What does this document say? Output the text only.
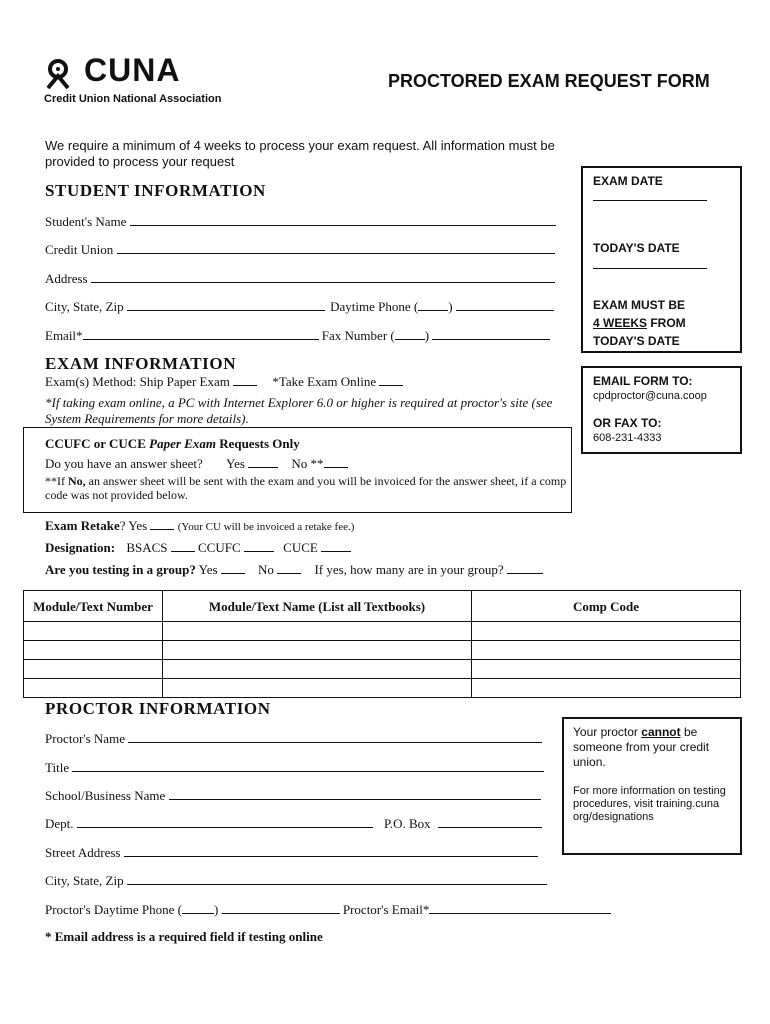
CUNA
Credit Union National Association
PROCTORED EXAM REQUEST FORM
We require a minimum of 4 weeks to process your exam request. All information must be provided to process your request
EXAM DATE
TODAY'S DATE
EXAM MUST BE
4 WEEKS FROM
TODAY'S DATE
EMAIL FORM TO:
cpdproctor@cuna.coop
OR FAX TO:
608-231-4333
STUDENT INFORMATION
Student's Name
Credit Union
Address
City, State, Zip	Daytime Phone ( )
Email*	Fax Number ( )
EXAM INFORMATION
Exam(s) Method: Ship Paper Exam	*Take Exam Online
*If taking exam online, a PC with Internet Explorer 6.0 or higher is required at proctor's site (see System Requirements for more details).
CCUFC or CUCE Paper Exam Requests Only
Do you have an answer sheet? Yes	No **
**If No, an answer sheet will be sent with the exam and you will be invoiced for the answer sheet, if a comp code was not provided below.
Exam Retake? Yes	(Your CU will be invoiced a retake fee.)
Designation: BSACS CCUFC	CUCE
Are you testing in a group? Yes	No	If yes, how many are in your group?
Module/Text Number	Module/Text Name (List all Textbooks)	Comp Code

PROCTOR INFORMATION
Proctor's Name
Title
School/Business Name
Dept.	P.O. Box
Street Address
City, State, Zip
Proctor's Daytime Phone ( )	Proctor's Email*
* Email address is a required field if testing online
Your proctor cannot be someone from your credit union.
For more information on testing procedures, visit training.cuna org/designations
